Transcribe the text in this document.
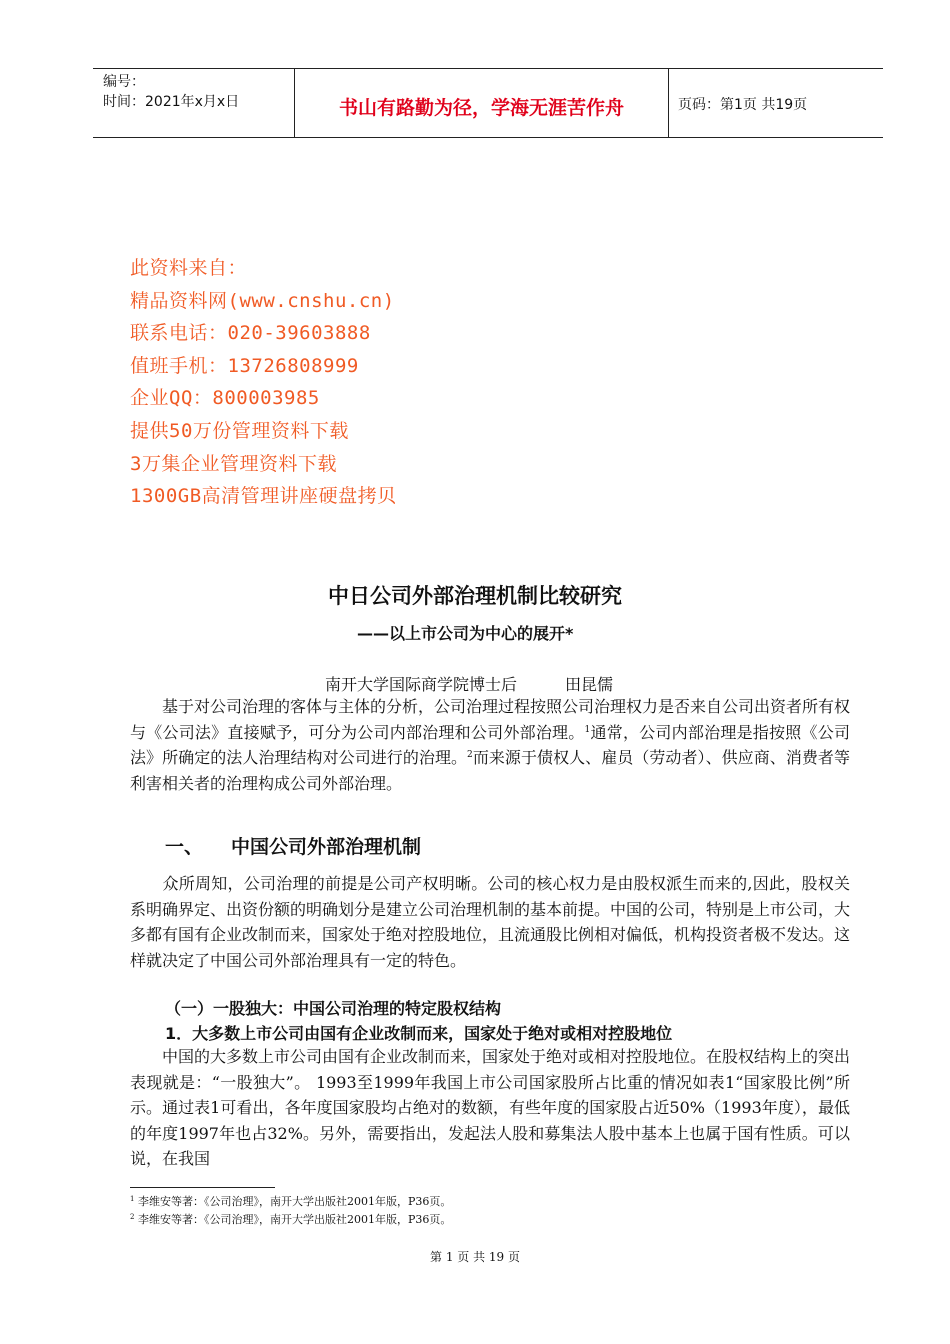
编号：
时间：2021年x月x日	书山有路勤为径，学海无涯苦作舟	页码：第1页 共19页
此资料来自：
精品资料网(www.cnshu.cn)
联系电话：020-39603888
值班手机：13726808999
企业QQ：800003985
提供50万份管理资料下载
3万集企业管理资料下载
1300GB高清管理讲座硬盘拷贝
中日公司外部治理机制比较研究
——以上市公司为中心的展开*
南开大学国际商学院博士后	田昆儒
　　基于对公司治理的客体与主体的分析，公司治理过程按照公司治理权力是否来自公司出资者所有权与《公司法》直接赋予，可分为公司内部治理和公司外部治理。$^1$通常，公司内部治理是指按照《公司法》所确定的法人治理结构对公司进行的治理。$^2$而来源于债权人、雇员（劳动者）、供应商、消费者等利害相关者的治理构成公司外部治理。
一、 中国公司外部治理机制
　　众所周知，公司治理的前提是公司产权明晰。公司的核心权力是由股权派生而来的,因此，股权关系明确界定、出资份额的明确划分是建立公司治理机制的基本前提。中国的公司，特别是上市公司，大多都有国有企业改制而来，国家处于绝对控股地位，且流通股比例相对偏低，机构投资者极不发达。这样就决定了中国公司外部治理具有一定的特色。
（一）一股独大：中国公司治理的特定股权结构
1．大多数上市公司由国有企业改制而来，国家处于绝对或相对控股地位
　　中国的大多数上市公司由国有企业改制而来，国家处于绝对或相对控股地位。在股权结构上的突出表现就是：“一股独大”。 1993至1999年我国上市公司国家股所占比重的情况如表1“国家股比例”所示。通过表1可看出，各年度国家股均占绝对的数额，有些年度的国家股占近50%（1993年度），最低的年度1997年也占32%。另外，需要指出，发起法人股和募集法人股中基本上也属于国有性质。可以说，在我国
$^1$ 李维安等著：《公司治理》，南开大学出版社2001年版，P36页。
$^2$ 李维安等著：《公司治理》，南开大学出版社2001年版，P36页。
第 1 页 共 19 页
